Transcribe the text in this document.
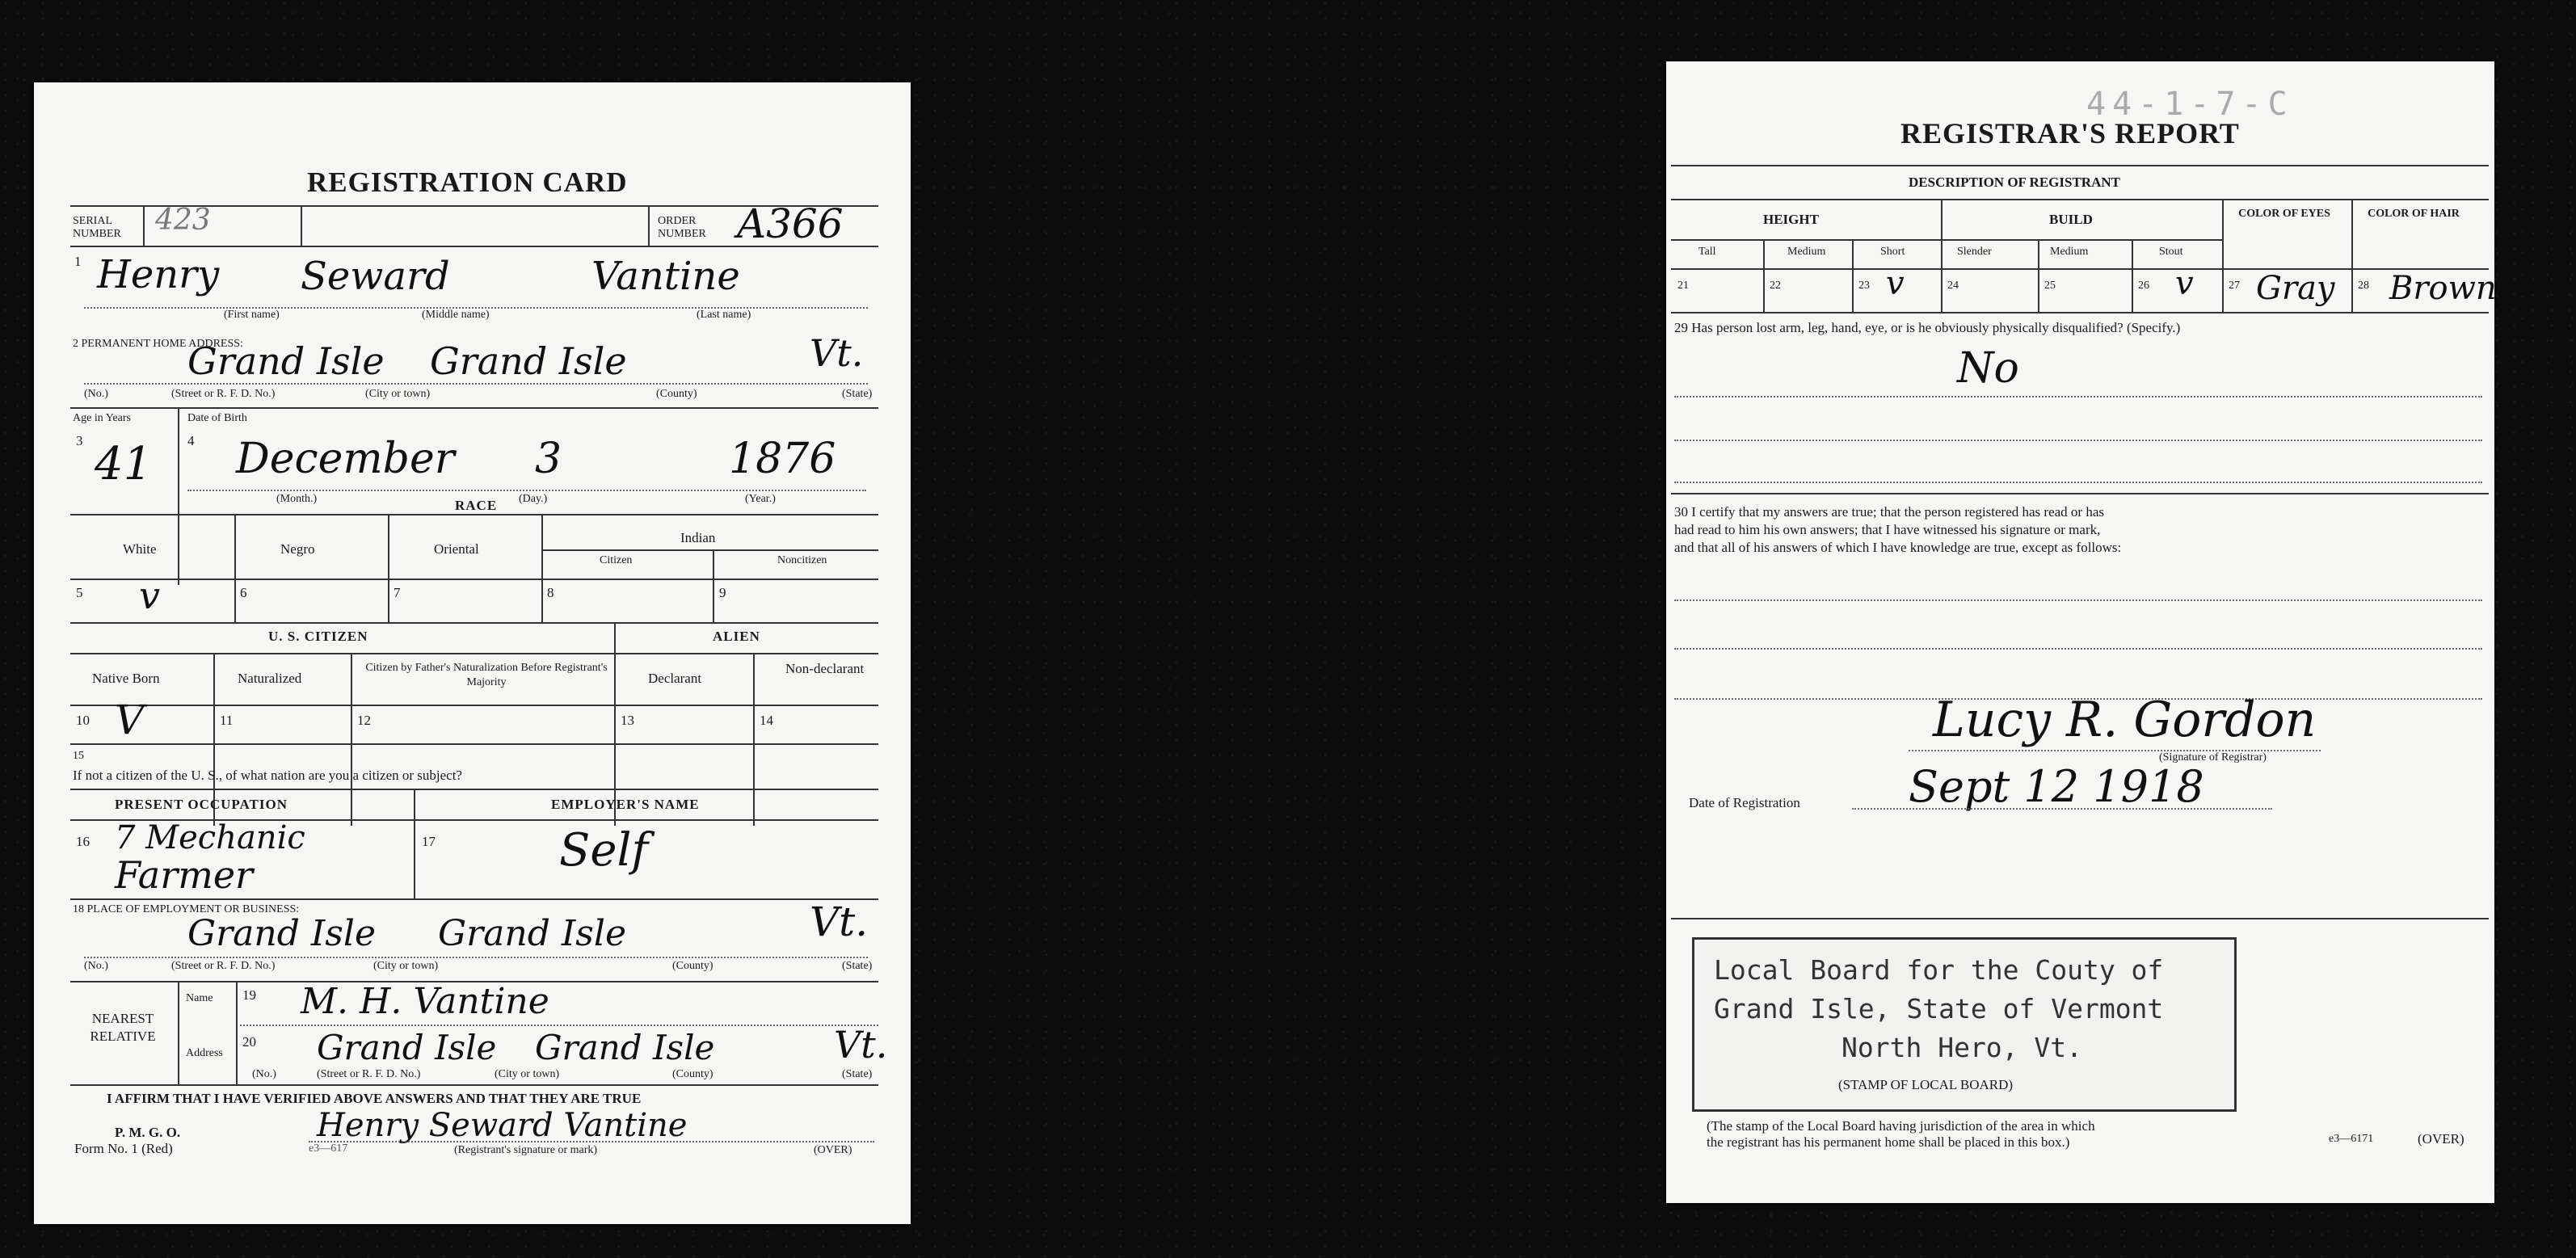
REGISTRATION CARD
SERIAL NUMBER	423	ORDER NUMBER A366
1 Henry Seward	Vantine
(First name)	(Middle name)	(Last name)
2 PERMANENT HOME ADDRESS:
Grand Isle Grand Isle	Vt.
(No.)	(Street or R. F. D. No.)	(City or town)	(County)	(State)
Age in Years	Date of Birth
3	4
41 December 3	1876
(Month.)	(Day.)	(Year.)
RACE
White	Negro	Oriental
Indian
Citizen	Noncitizen
5 v	6	7	8	9
U. S. CITIZEN	ALIEN
Native Born	Naturalized
Citizen by Father's Naturalization Before Registrant's Majority	Declarant
Non-declarant
10 V	11	12	13	14
15
If not a citizen of the U. S., of what nation are you a citizen or subject?
PRESENT OCCUPATION	EMPLOYER'S NAME
16 7 Mechanic
Farmer
17	Self
18 PLACE OF EMPLOYMENT OR BUSINESS:
Grand Isle Grand Isle	Vt.
(No.)	(Street or R. F. D. No.)	(City or town)	(County)	(State)
NEAREST RELATIVE
Name 19 M. H. Vantine
Address
20 Grand Isle Grand Isle	Vt.
(No.)	(Street or R. F. D. No.)	(City or town)	(County)	(State)
I AFFIRM THAT I HAVE VERIFIED ABOVE ANSWERS AND THAT THEY ARE TRUE
P. M. G. O.
Form No. 1 (Red)	e3—617
Henry Seward Vantine
(Registrant's signature or mark)	(OVER)
44-1-7-C
REGISTRAR'S REPORT
DESCRIPTION OF REGISTRANT
HEIGHT	BUILD	COLOR OF EYES	COLOR OF HAIR
Tall	Medium	Short	Slender	Medium	Stout
21	22	23 v	24	25	26 v	27 Gray 28 Brown
29 Has person lost arm, leg, hand, eye, or is he obviously physically disqualified? (Specify.)
No
30 I certify that my answers are true; that the person registered has read or has
had read to him his own answers; that I have witnessed his signature or mark,
and that all of his answers of which I have knowledge are true, except as follows:
Lucy R. Gordon
(Signature of Registrar)
Date of Registration Sept 12 1918
Local Board for the Couty of
Grand Isle, State of Vermont
North Hero, Vt.
(STAMP OF LOCAL BOARD)
(The stamp of the Local Board having jurisdiction of the area in which
the registrant has his permanent home shall be placed in this box.)	e3—6171	(OVER)
